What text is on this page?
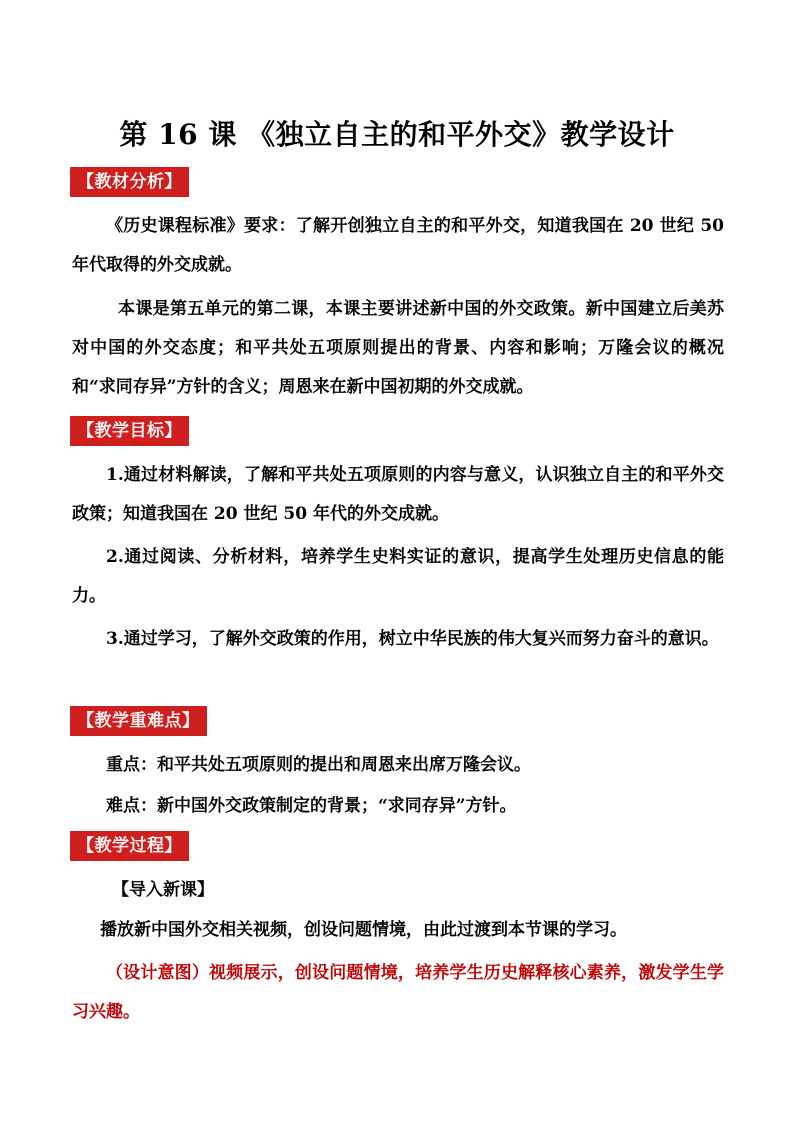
第 16 课 《独立自主的和平外交》教学设计
【教材分析】

《历史课程标准》要求：了解开创独立自主的和平外交，知道我国在 20 世纪 50 年代取得的外交成就。

本课是第五单元的第二课，本课主要讲述新中国的外交政策。新中国建立后美苏对中国的外交态度；和平共处五项原则提出的背景、内容和影响；万隆会议的概况和“求同存异”方针的含义；周恩来在新中国初期的外交成就。

【教学目标】

1.通过材料解读，了解和平共处五项原则的内容与意义，认识独立自主的和平外交政策；知道我国在 20 世纪 50 年代的外交成就。

2.通过阅读、分析材料，培养学生史料实证的意识，提高学生处理历史信息的能力。

3.通过学习，了解外交政策的作用，树立中华民族的伟大复兴而努力奋斗的意识。

【教学重难点】

重点：和平共处五项原则的提出和周恩来出席万隆会议。

难点：新中国外交政策制定的背景；“求同存异”方针。

【教学过程】

【导入新课】

播放新中国外交相关视频，创设问题情境，由此过渡到本节课的学习。

（设计意图）视频展示，创设问题情境，培养学生历史解释核心素养，激发学生学习兴趣。
